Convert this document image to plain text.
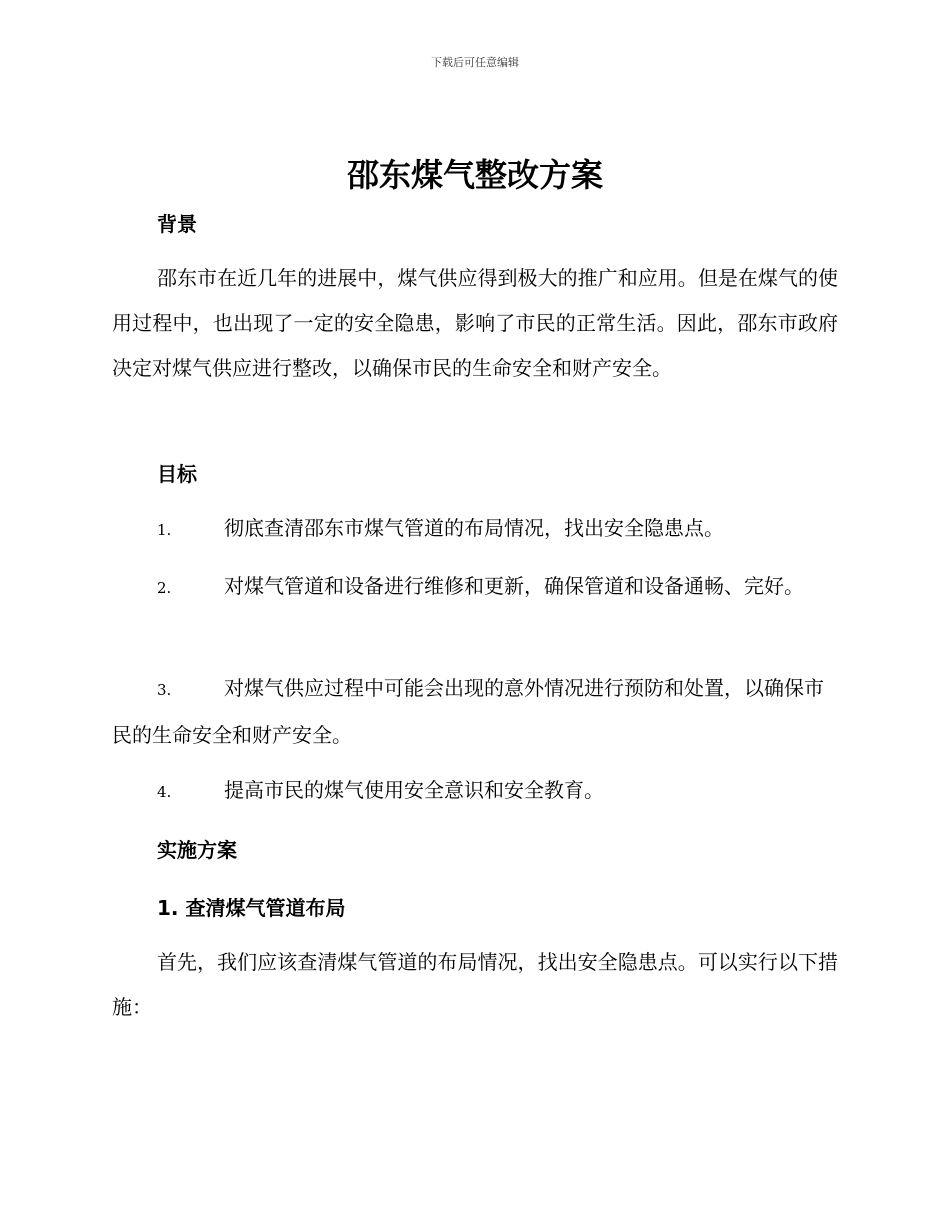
下载后可任意编辑
邵东煤气整改方案
背景

邵东市在近几年的进展中，煤气供应得到极大的推广和应用。但是在煤气的使用过程中，也出现了一定的安全隐患，影响了市民的正常生活。因此，邵东市政府决定对煤气供应进行整改，以确保市民的生命安全和财产安全。

目标
1.	彻底查清邵东市煤气管道的布局情况，找出安全隐患点。
2.	对煤气管道和设备进行维修和更新，确保管道和设备通畅、完好。
3.	对煤气供应过程中可能会出现的意外情况进行预防和处置，以确保市民的生命安全和财产安全。
4.	提高市民的煤气使用安全意识和安全教育。
实施方案
1. 查清煤气管道布局

首先，我们应该查清煤气管道的布局情况，找出安全隐患点。可以实行以下措施：
